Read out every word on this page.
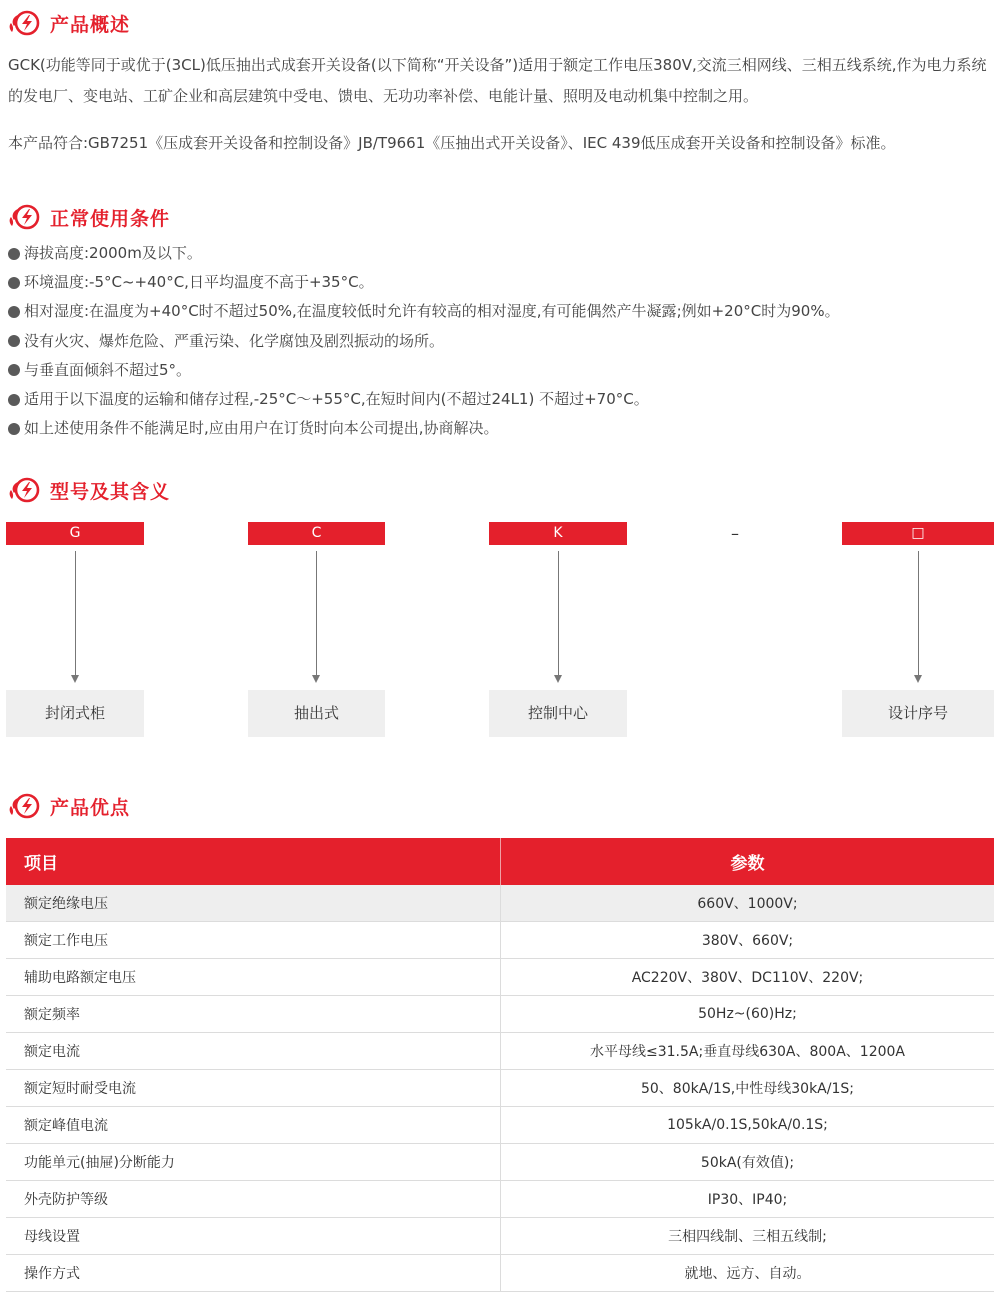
产品概述

GCK(功能等同于或优于(3CL)低压抽出式成套开关设备(以下简称“开关设备”)适用于额定工作电压380V,交流三相网线、三相五线系统,作为电力系统的发电厂、变电站、工矿企业和高层建筑中受电、馈电、无功功率补偿、电能计量、照明及电动机集中控制之用。

本产品符合:GB7251《压成套开关设备和控制设备》JB/T9661《压抽出式开关设备》、IEC 439低压成套开关设备和控制设备》标准。

正常使用条件
海拔高度:2000m及以下。
环境温度:-5°C~+40°C,日平均温度不高于+35°C。
相对湿度:在温度为+40°C时不超过50%,在温度较低时允许有较高的相对湿度,有可能偶然产牛凝露;例如+20°C时为90%。
没有火灾、爆炸危险、严重污染、化学腐蚀及剧烈振动的场所。
与垂直面倾斜不超过5°。
适用于以下温度的运输和储存过程,-25°C～+55°C,在短时间内(不超过24L1) 不超过+70°C。
如上述使用条件不能满足时,应由用户在订货时向本公司提出,协商解决。
型号及其含义
G	C	K	–	□
封闭式柜	抽出式	控制中心	设计序号
产品优点
项目	参数
额定绝缘电压	660V、1000V;
额定工作电压	380V、660V;
辅助电路额定电压	AC220V、380V、DC110V、220V;
额定频率	50Hz~(60)Hz;
额定电流	水平母线≤31.5A;垂直母线630A、800A、1200A
额定短时耐受电流	50、80kA/1S,中性母线30kA/1S;
额定峰值电流	105kA/0.1S,50kA/0.1S;
功能单元(抽屉)分断能力	50kA(有效值);
外壳防护等级	IP30、IP40;
母线设置	三相四线制、三相五线制;
操作方式	就地、远方、自动。
